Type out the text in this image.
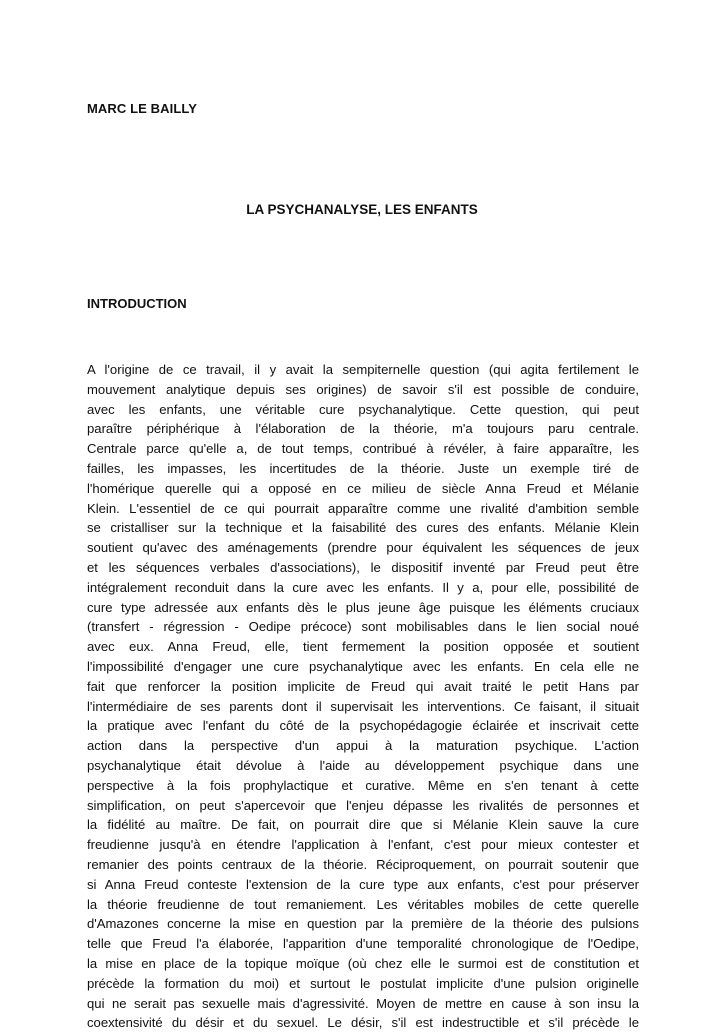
MARC LE BAILLY
LA PSYCHANALYSE, LES ENFANTS
INTRODUCTION
A l'origine de ce travail, il y avait la sempiternelle question (qui agita fertilement le
mouvement analytique depuis ses origines) de savoir s'il est possible de conduire,
avec les enfants, une véritable cure psychanalytique. Cette question, qui peut
paraître périphérique à l'élaboration de la théorie, m'a toujours paru centrale.
Centrale parce qu'elle a, de tout temps, contribué à révéler, à faire apparaître, les
failles, les impasses, les incertitudes de la théorie. Juste un exemple tiré de
l'homérique querelle qui a opposé en ce milieu de siècle Anna Freud et Mélanie
Klein. L'essentiel de ce qui pourrait apparaître comme une rivalité d'ambition semble
se cristalliser sur la technique et la faisabilité des cures des enfants. Mélanie Klein
soutient qu'avec des aménagements (prendre pour équivalent les séquences de jeux
et les séquences verbales d'associations), le dispositif inventé par Freud peut être
intégralement reconduit dans la cure avec les enfants. Il y a, pour elle, possibilité de
cure type adressée aux enfants dès le plus jeune âge puisque les éléments cruciaux
(transfert - régression - Oedipe précoce) sont mobilisables dans le lien social noué
avec eux. Anna Freud, elle, tient fermement la position opposée et soutient
l'impossibilité d'engager une cure psychanalytique avec les enfants. En cela elle ne
fait que renforcer la position implicite de Freud qui avait traité le petit Hans par
l'intermédiaire de ses parents dont il supervisait les interventions. Ce faisant, il situait
la pratique avec l'enfant du côté de la psychopédagogie éclairée et inscrivait cette
action dans la perspective d'un appui à la maturation psychique. L'action
psychanalytique était dévolue à l'aide au développement psychique dans une
perspective à la fois prophylactique et curative. Même en s'en tenant à cette
simplification, on peut s'apercevoir que l'enjeu dépasse les rivalités de personnes et
la fidélité au maître. De fait, on pourrait dire que si Mélanie Klein sauve la cure
freudienne jusqu'à en étendre l'application à l'enfant, c'est pour mieux contester et
remanier des points centraux de la théorie. Réciproquement, on pourrait soutenir que
si Anna Freud conteste l'extension de la cure type aux enfants, c'est pour préserver
la théorie freudienne de tout remaniement. Les véritables mobiles de cette querelle
d'Amazones concerne la mise en question par la première de la théorie des pulsions
telle que Freud l'a élaborée, l'apparition d'une temporalité chronologique de l'Oedipe,
la mise en place de la topique moïque (où chez elle le surmoi est de constitution et
précède la formation du moi) et surtout le postulat implicite d'une pulsion originelle
qui ne serait pas sexuelle mais d'agressivité. Moyen de mettre en cause à son insu la
coextensivité du désir et du sexuel. Le désir, s'il est indestructible et s'il précède le
